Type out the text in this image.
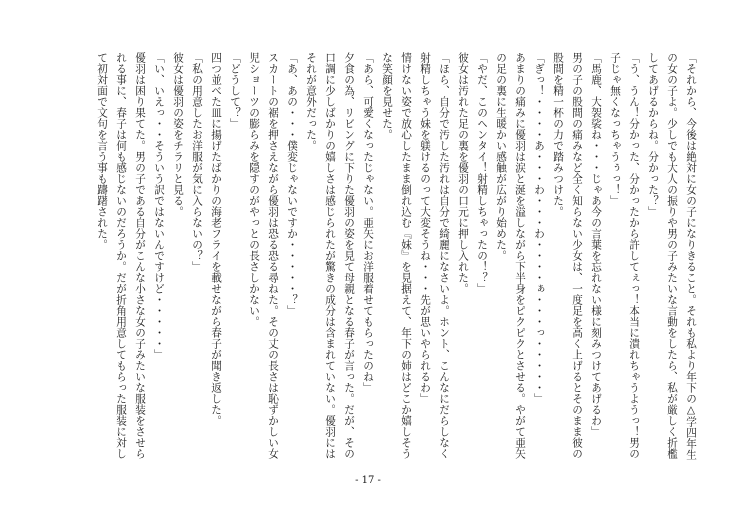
「それから、今後は絶対に女の子になりきること。それも私より年下の△学四年生の女の子よ。少しでも大人の振りや男の子みたいな言動をしたら、私が厳しく折檻してあげるからね。分かった？」

「う、うん！分かった、分かったから許してぇっ！本当に潰れちゃうようっ！男の子じゃ無くなっちゃうぅっ！」

「馬鹿、大袈裟ね・・・じゃあ今の言葉を忘れない様に刻みつけてあげるわ」

男の子の股間の痛みなど全く知らない少女は、一度足を高く上げるとそのまま彼の股間を精一杯の力で踏みつけた。

「ぎっ！・・・・あ・・・わ・・・わ・・・・ぁ・・・っ・・・・・」

あまりの痛みに優羽は涙と涎を溢しながら下半身をピクピクとさせる。やがて亜矢の足の裏に生暖かい感触が広がり始めた。

「やだ、このヘンタイ！射精しちゃったの！？」

彼女は汚れた足の裏を優羽の口元に押し入れた。

「ほら、自分で汚した汚れは自分で綺麗になさいよ。ホント、こんなにだらしなく射精しちゃう妹を躾けるのって大変そうね・・・先が思いやられるわ」

情けない姿で放心したまま倒れ込む『妹』を見据えて、年下の姉はどこか嬉しそうな笑顔を見せた。

「あら、可愛くなったじゃない。亜矢にお洋服着せてもらったのね」

夕食の為、リビングに下りた優羽の姿を見て母親となる春子が言った。だが、その口調に少しばかりの嬉しさは感じられたが驚きの成分は含まれていない。優羽にはそれが意外だった。

「あ、あの・・・僕変じゃないですか・・・・・？」

スカートの裾を押さえながら優羽は恐る恐る尋ねた。その丈の長さは恥ずかしい女児ショーツの膨らみを隠すのがやっとの長さしかない。

「どうして？」

四つ並べた皿に揚げたばかりの海老フライを載せながら春子が聞き返した。

「私の用意したお洋服が気に入らないの？」

彼女は優羽の姿をチラリと見る。

「い、いえっ・・そういう訳ではないんですけど・・・・・」

優羽は困り果てた。男の子である自分がこんな小さな女の子みたいな服装をさせられる事に、春子は何も感じないのだろうか。だが折角用意してもらった服装に対して初対面で文句を言う事も躊躇された。

- 17 -
